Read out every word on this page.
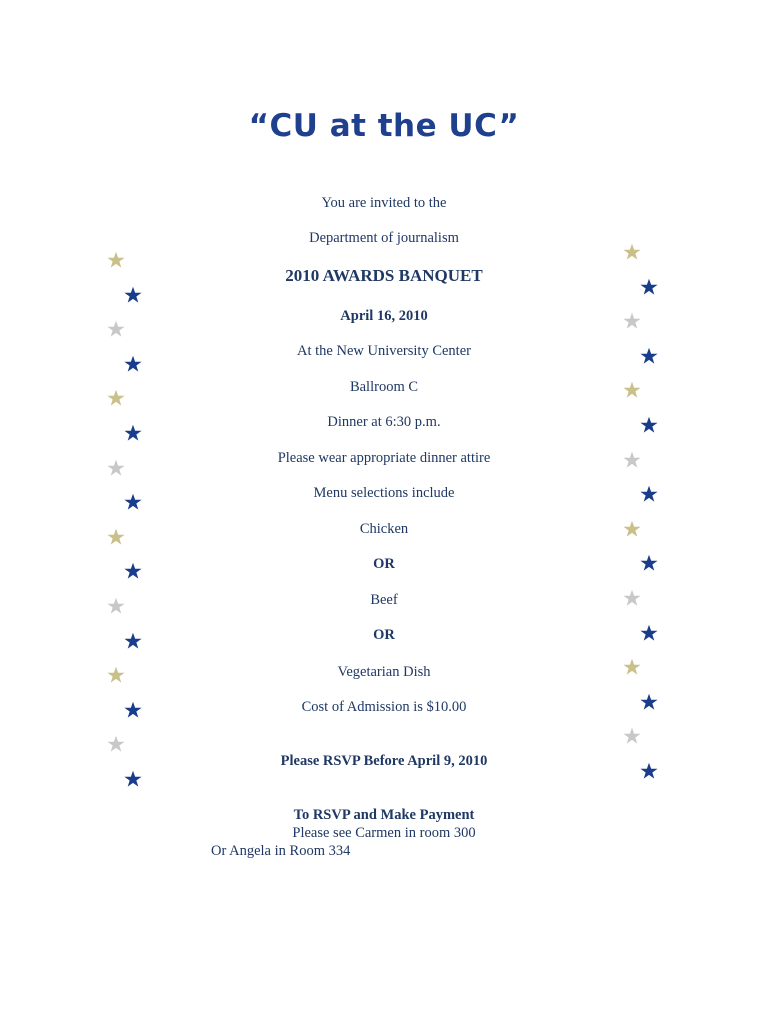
“CU at the UC”
You are invited to the
Department of journalism
2010 AWARDS BANQUET
April 16, 2010
At the New University Center
Ballroom C
Dinner at 6:30 p.m.
Please wear appropriate dinner attire
Menu selections include
Chicken
OR
Beef
OR
Vegetarian Dish
Cost of Admission is $10.00
Please RSVP Before April 9, 2010
To RSVP and Make Payment
Please see Carmen in room 300
Or Angela in Room 334
